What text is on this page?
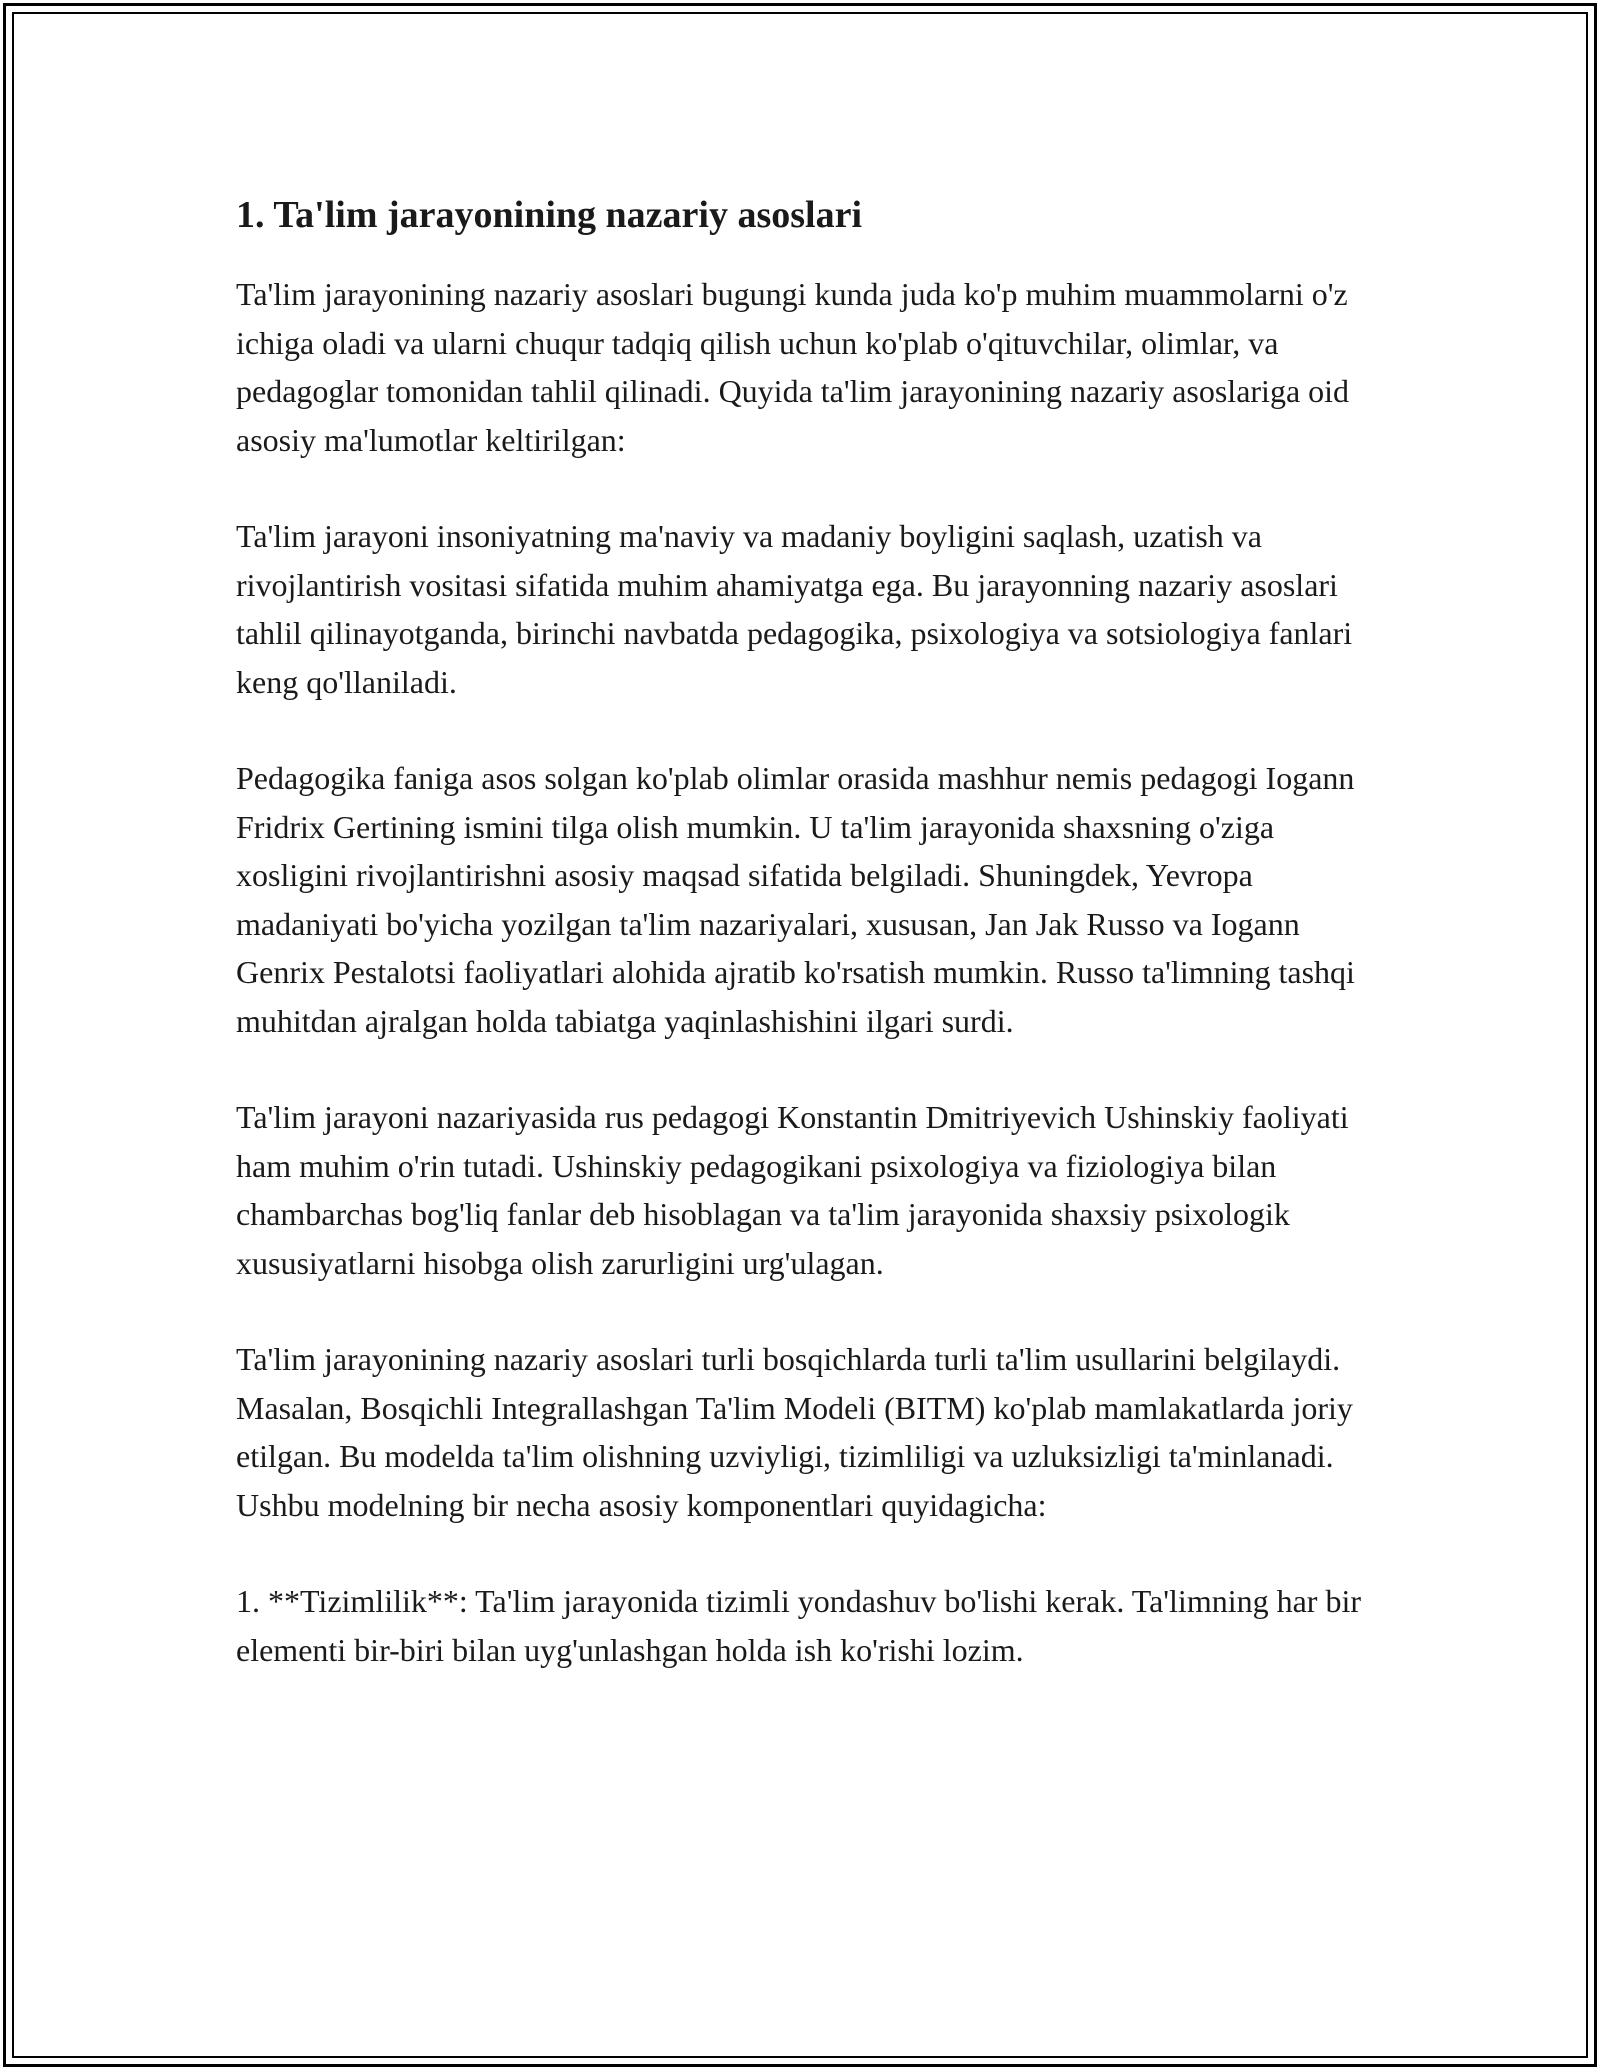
1. Ta'lim jarayonining nazariy asoslari

Ta'lim jarayonining nazariy asoslari bugungi kunda juda ko'p muhim muammolarni o'z ichiga oladi va ularni chuqur tadqiq qilish uchun ko'plab o'qituvchilar, olimlar, va pedagoglar tomonidan tahlil qilinadi. Quyida ta'lim jarayonining nazariy asoslariga oid asosiy ma'lumotlar keltirilgan:

Ta'lim jarayoni insoniyatning ma'naviy va madaniy boyligini saqlash, uzatish va rivojlantirish vositasi sifatida muhim ahamiyatga ega. Bu jarayonning nazariy asoslari tahlil qilinayotganda, birinchi navbatda pedagogika, psixologiya va sotsiologiya fanlari keng qo'llaniladi.

Pedagogika faniga asos solgan ko'plab olimlar orasida mashhur nemis pedagogi Iogann Fridrix Gertining ismini tilga olish mumkin. U ta'lim jarayonida shaxsning o'ziga xosligini rivojlantirishni asosiy maqsad sifatida belgiladi. Shuningdek, Yevropa madaniyati bo'yicha yozilgan ta'lim nazariyalari, xususan, Jan Jak Russo va Iogann Genrix Pestalotsi faoliyatlari alohida ajratib ko'rsatish mumkin. Russo ta'limning tashqi muhitdan ajralgan holda tabiatga yaqinlashishini ilgari surdi.

Ta'lim jarayoni nazariyasida rus pedagogi Konstantin Dmitriyevich Ushinskiy faoliyati ham muhim o'rin tutadi. Ushinskiy pedagogikani psixologiya va fiziologiya bilan chambarchas bog'liq fanlar deb hisoblagan va ta'lim jarayonida shaxsiy psixologik xususiyatlarni hisobga olish zarurligini urg'ulagan.

Ta'lim jarayonining nazariy asoslari turli bosqichlarda turli ta'lim usullarini belgilaydi. Masalan, Bosqichli Integrallashgan Ta'lim Modeli (BITM) ko'plab mamlakatlarda joriy etilgan. Bu modelda ta'lim olishning uzviyligi, tizimliligi va uzluksizligi ta'minlanadi. Ushbu modelning bir necha asosiy komponentlari quyidagicha:

1. **Tizimlilik**: Ta'lim jarayonida tizimli yondashuv bo'lishi kerak. Ta'limning har bir elementi bir-biri bilan uyg'unlashgan holda ish ko'rishi lozim.
